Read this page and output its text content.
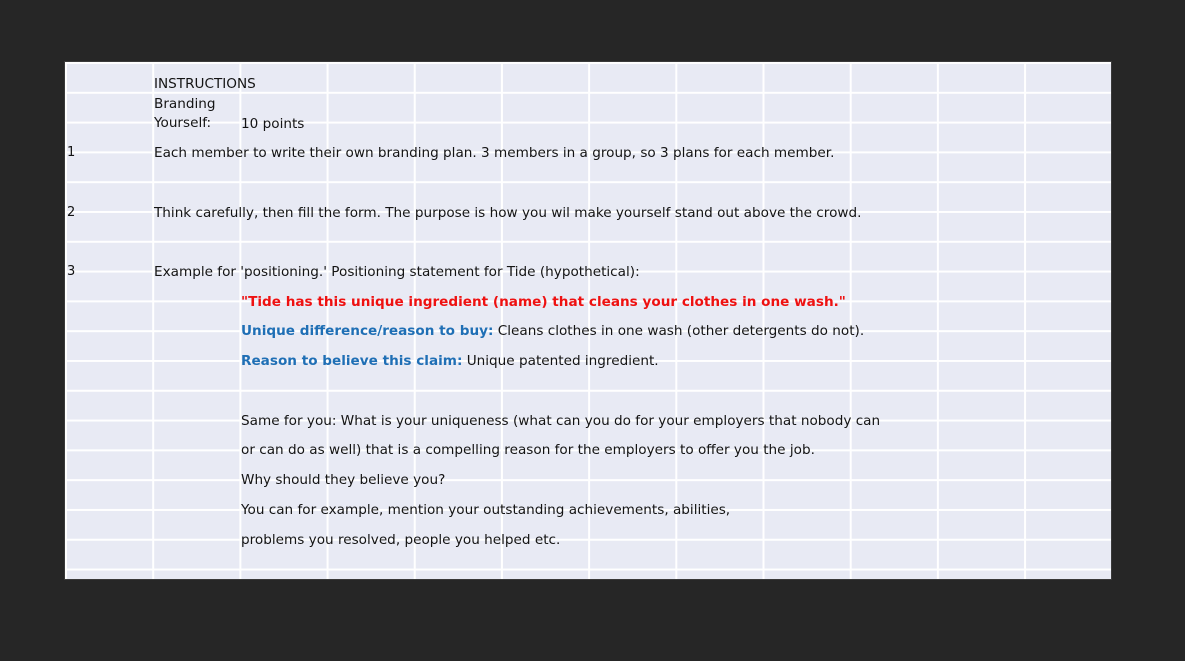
INSTRUCTIONS
Branding
Yourself: 10 points
1	Each member to write their own branding plan. 3 members in a group, so 3 plans for each member.
2	Think carefully, then fill the form. The purpose is how you wil make yourself stand out above the crowd.
3	Example for 'positioning.' Positioning statement for Tide (hypothetical):
"Tide has this unique ingredient (name) that cleans your clothes in one wash."
Unique difference/reason to buy: Cleans clothes in one wash (other detergents do not).
Reason to believe this claim: Unique patented ingredient.
Same for you: What is your uniqueness (what can you do for your employers that nobody can
or can do as well) that is a compelling reason for the employers to offer you the job.
Why should they believe you?
You can for example, mention your outstanding achievements, abilities,
problems you resolved, people you helped etc.
